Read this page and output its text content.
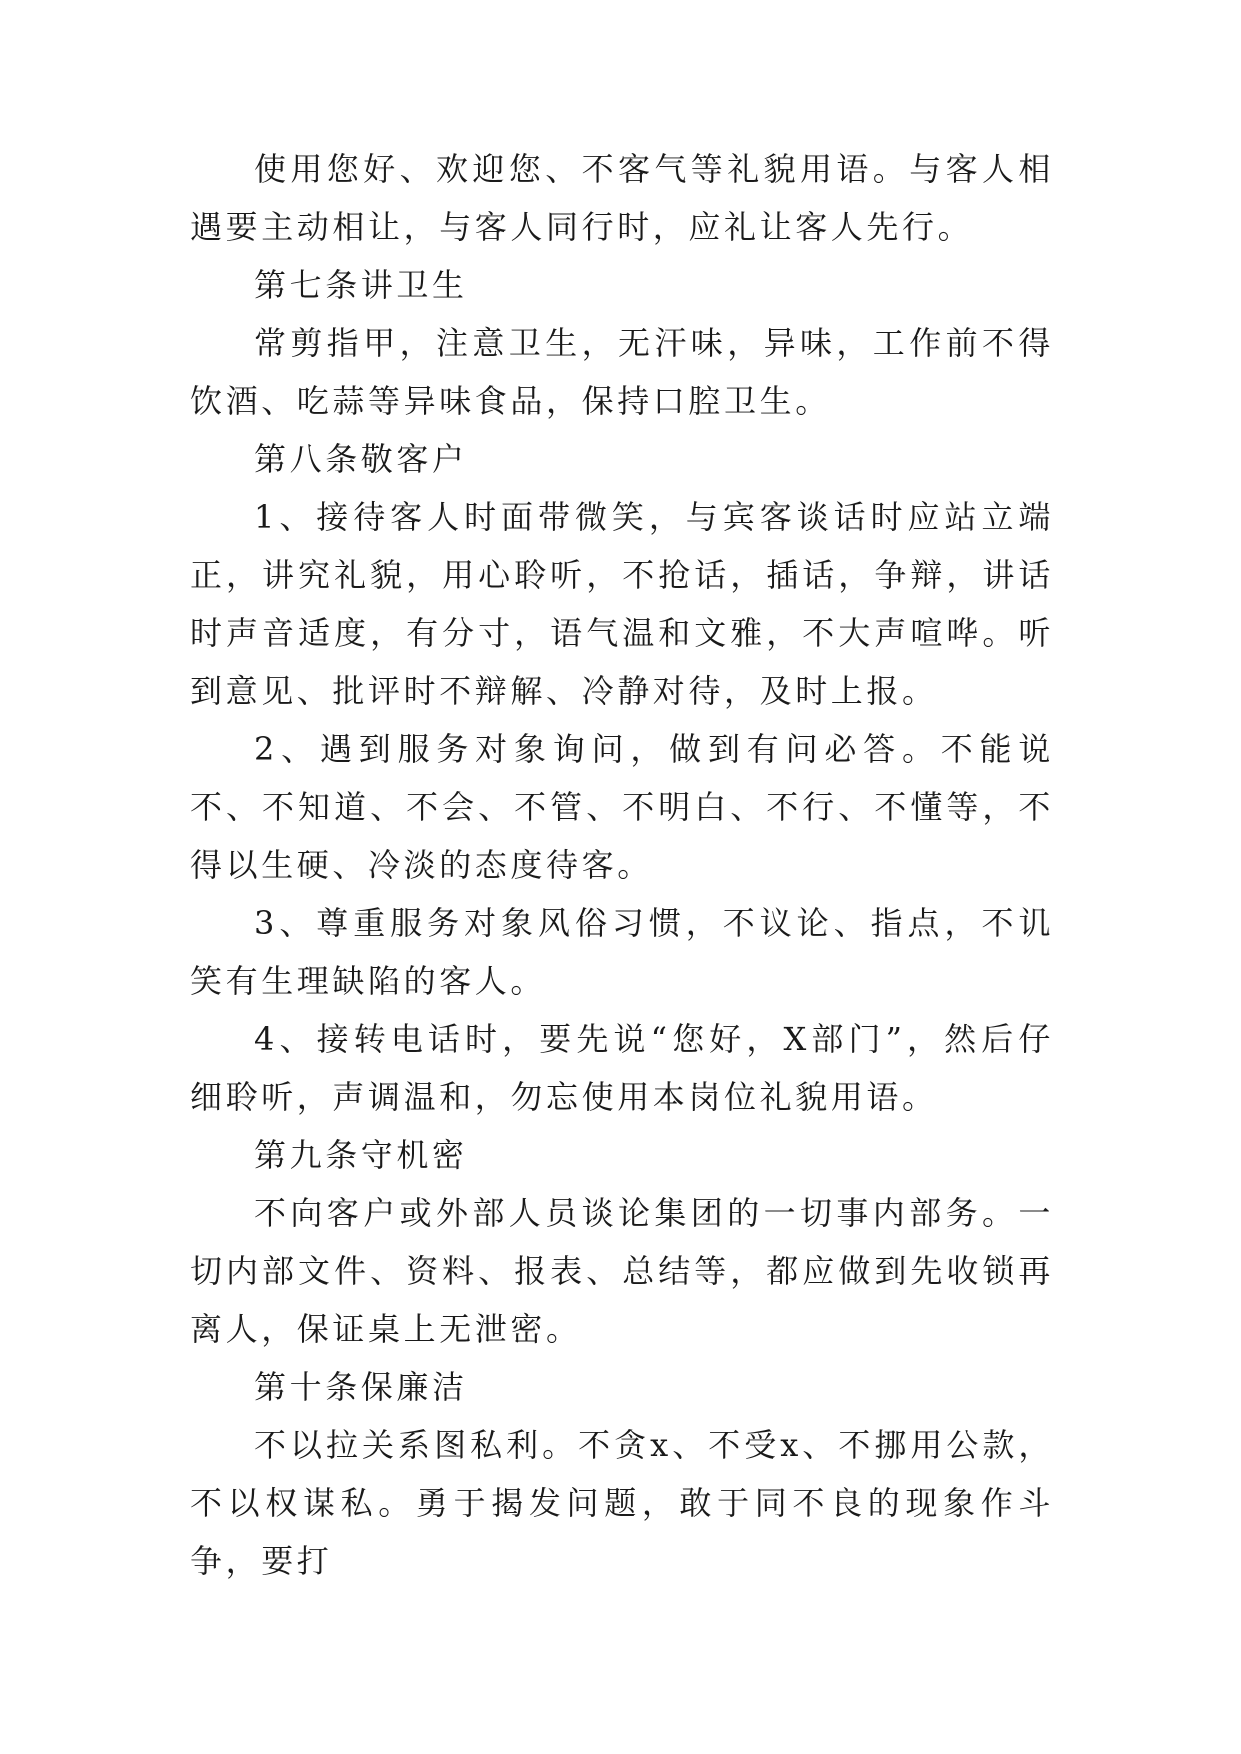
使用您好、欢迎您、不客气等礼貌用语。与客人相遇要主动相让，与客人同行时，应礼让客人先行。

第七条讲卫生

常剪指甲，注意卫生，无汗味，异味，工作前不得饮酒、吃蒜等异味食品，保持口腔卫生。

第八条敬客户

1、接待客人时面带微笑，与宾客谈话时应站立端正，讲究礼貌，用心聆听，不抢话，插话，争辩，讲话时声音适度，有分寸，语气温和文雅，不大声喧哗。听到意见、批评时不辩解、冷静对待，及时上报。

2、遇到服务对象询问，做到有问必答。不能说不、不知道、不会、不管、不明白、不行、不懂等，不得以生硬、冷淡的态度待客。

3、尊重服务对象风俗习惯，不议论、指点，不讥笑有生理缺陷的客人。

4、接转电话时，要先说“您好，X部门”，然后仔细聆听，声调温和，勿忘使用本岗位礼貌用语。

第九条守机密

不向客户或外部人员谈论集团的一切事内部务。一切内部文件、资料、报表、总结等，都应做到先收锁再离人，保证桌上无泄密。

第十条保廉洁

不以拉关系图私利。不贪x、不受x、不挪用公款，不以权谋私。勇于揭发问题，敢于同不良的现象作斗争，要打
